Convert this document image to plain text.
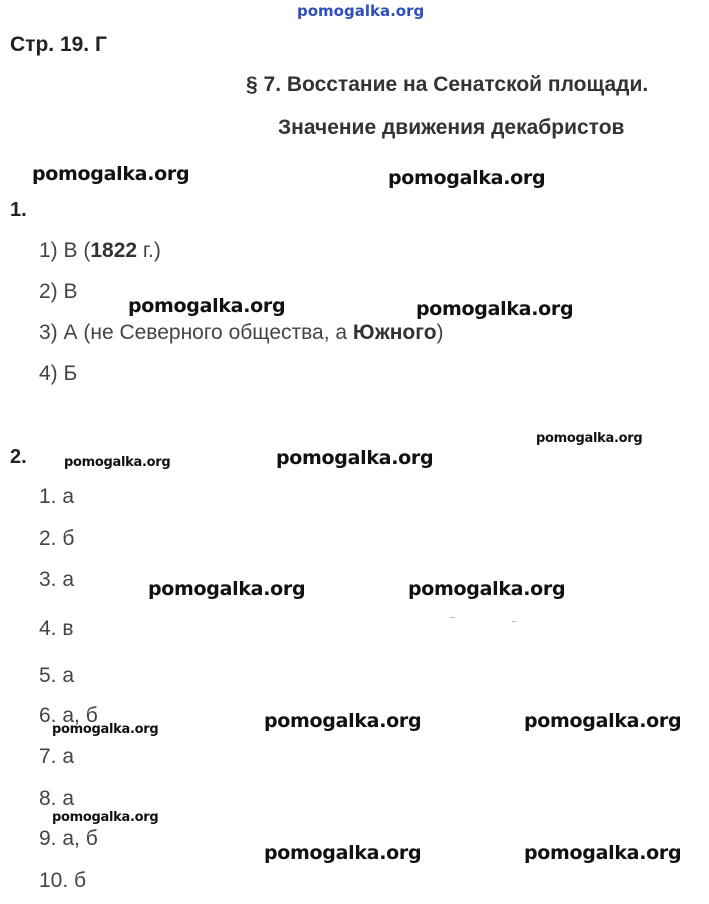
pomogalka.org
Стр. 19. Г
§ 7. Восстание на Сенатской площади.
Значение движения декабристов
1.
1) В (1822 г.)
2) В
3) А (не Северного общества, а Южного)
4) Б
2.
1. а
2. б
3. а
4. в
5. а
6. а, б
7. а
8. а
9. а, б
10. б
pomogalka.org	pomogalka.org
pomogalka.org	pomogalka.org
pomogalka.org
pomogalka.org	pomogalka.org
pomogalka.org	pomogalka.org
pomogalka.org	pomogalka.org
pomogalka.org
pomogalka.org
pomogalka.org	pomogalka.org
